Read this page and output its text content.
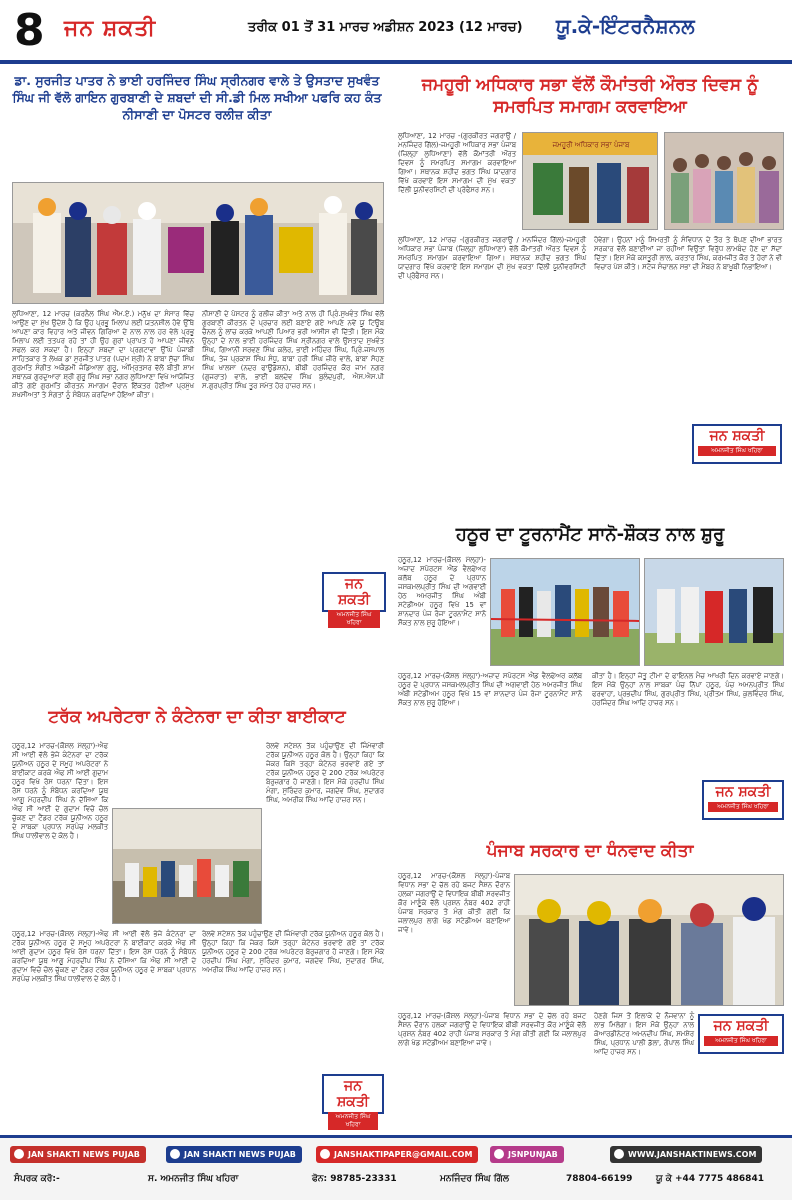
8 ਜਨ ਸ਼ਕਤੀ	ਤਰੀਕ 01 ਤੋਂ 31 ਮਾਰਚ ਅਡੀਸ਼ਨ 2023 (12 ਮਾਰਚ) ਯੂ.ਕੇ-ਇੰਟਰਨੈਸ਼ਨਲ
ਡਾ. ਸੁਰਜੀਤ ਪਾਤਰ ਨੇ ਭਾਈ ਹਰਜਿੰਦਰ ਸਿੰਘ ਸ੍ਰੀਨਗਰ ਵਾਲੇ ਤੇ ਉਸਤਾਦ ਸੁਖਵੰਤ ਸਿੰਘ ਜੀ ਵੱਲੋ ਗਾਇਨ ਗੁਰਬਾਣੀ ਦੇ ਸ਼ਬਦਾਂ ਦੀ ਸੀ.ਡੀ ਮਿਲ ਸਖੀਆ ਪਫਰਿ ਕਹ ਕੰਤ ਨੀਸਾਣੀ ਦਾ ਪੋਸਟਰ ਰਲੀਜ਼ ਕੀਤਾ

ਲੁਧਿਆਣਾ, 12 ਮਾਰਚ (ਕਰਨੈਲ ਸਿੰਘ ਐੱਮ.ਏ.) ਮਨੁੱਖ ਦਾ ਸੰਸਾਰ ਵਿੱਚ ਆਉਣ ਦਾ ਮੁੱਖ ਉਦੇਸ਼ ਹੈ ਕਿ ਉਹ ਪ੍ਰਭੂ ਮਿਲਾਪ ਲਈ ਯਤਨਸ਼ੀਲ ਹੋਵੇ ਉੱਥੇ ਆਪਣਾ ਕਾਰ ਵਿਹਾਰ ਅਤੇ ਜੀਵਨ ਗਿਰਿਆ ਦੇ ਨਾਲ ਨਾਲ ਹਰ ਵੇਲੇ ਪ੍ਰਭੂ ਮਿਲਾਪ ਲਈ ਤਤਪਰ ਰਹੇ ਤਾਂ ਹੀ ਉਹ ਗੁਰਾਂ ਪ੍ਰਾਪਤ ਹੋ ਆਪਣਾ ਜੀਵਨ ਸਫਲ ਕਰ ਸਕਦਾ ਹੈ। ਇਨ੍ਹਾਂ ਸ਼ਬਦਾਂ ਦਾ ਪ੍ਰਗਟਾਵਾ ਉੱਘੇ ਪੰਜਾਬੀ ਸਾਹਿਤਕਾਰ ਤੇ ਲੇਖਕ ਡਾ ਸੁਰਜੀਤ ਪਾਤਰ (ਪਦਮ ਸ਼੍ਰੀ) ਨੇ ਬਾਬਾ ਸੁੱਚਾ ਸਿੰਘ ਗੁਰਮਤਿ ਸੰਗੀਤ ਅਕੈਡਮੀ ਜੰਡਿਆਲਾ ਗੁਰੂ, ਅੰਮ੍ਰਿਤਸਰ ਵੱਲੋਂ ਬੀਤੀ ਸ਼ਾਮ ਸਥਾਨਕ ਗੁਰਦੁਆਰਾ ਸ਼੍ਰੀ ਗੁਰੂ ਸਿੰਘ ਸਭਾ ਨਗਰ ਲੁਧਿਆਣਾ ਵਿਖੇ ਆਯੋਜਿਤ ਕੀਤੇ ਗਏ ਗੁਰਮਤਿ ਕੀਰਤਨ ਸਮਾਗਮ ਦੌਰਾਨ ਇੱਕਤਰ ਹੋਈਆਂ ਪ੍ਰਮੁੱਖ ਸ਼ਖਸੀਅਤਾਂ ਤੇ ਸੰਗਤਾਂ ਨੂੰ ਸੰਬੋਧਨ ਕਰਦਿਆਂ ਹੋਇਆਂ ਕੀਤਾ।

ਨੀਸਾਣੀ ਦੇ ਪੋਸਟਰ ਨੂੰ ਰਲੀਜ਼ ਕੀਤਾ ਅਤੇ ਨਾਲ ਹੀ ਪ੍ਰਿੰ.ਸੁਖਵੰਤ ਸਿੰਘ ਵੱਲੋਂ ਗੁਰਬਾਣੀ ਕੀਰਤਨ ਦੇ ਪ੍ਰਚਾਰ ਲਈ ਬਣਾਏ ਗਏ ਆਪਣੇ ਨਵੇਂ ਯੂ ਟਿਊਬ ਚੈਨਲ ਨੂੰ ਲਾਂਚ ਕਰਕੇ ਆਪਣੀ ਪਿਆਰ ਭਰੀ ਆਸੀਸ ਵੀ ਦਿੱਤੀ। ਇਸ ਮੌਕੇ ਉਨ੍ਹਾਂ ਦੇ ਨਾਲ ਭਾਈ ਹਰਜਿੰਦਰ ਸਿੰਘ ਸ੍ਰੀਨਗਰ ਵਾਲੇ ਉਸਤਾਦ ਸੁਖਵੰਤ ਸਿੰਘ, ਗਿਆਨੀ ਸਰਵਣ ਸਿੰਘ ਕਲੇਰ, ਭਾਈ ਮਹਿੰਦਰ ਸਿੰਘ, ਪ੍ਰਿੰ.ਜਸਪਾਲ ਸਿੰਘ, ਤੇਜ ਪ੍ਰਕਾਸ਼ ਸਿੰਘ ਸੰਧੂ, ਬਾਬਾ ਹਰੀ ਸਿੰਘ ਜ਼ੀਰੇ ਵਾਲੇ, ਬਾਬਾ ਸੋਹਣ ਸਿੰਘ ਖਾਲਸਾ (ਨਦਰ ਫਾਊਂਡੇਸ਼ਨ), ਬੀਬੀ ਹਰਜਿੰਦਰ ਕੌਰ ਜਾਮ ਨਗਰ (ਗੁਜਰਾਤ) ਵਾਲੇ, ਭਾਈ ਬਲਦੇਵ ਸਿੰਘ ਬੁਲੰਦਪੁਰੀ, ਐਸ.ਐਸ.ਪੀ ਸ.ਗੁਰਪ੍ਰੀਤ ਸਿੰਘ ਤੂਰ ਸਮੇਤ ਹੋਰ ਹਾਜ਼ਰ ਸਨ।

ਜਨ ਸ਼ਕਤੀ
ਅਮਨਜੀਤ ਸਿੰਘ ਖਹਿਰਾ
ਜਮਹੂਰੀ ਅਧਿਕਾਰ ਸਭਾ ਵੱਲੋਂ ਕੌਮਾਂਤਰੀ ਔਰਤ ਦਿਵਸ ਨੂੰ ਸਮਰਪਿਤ ਸਮਾਗਮ ਕਰਵਾਇਆ

ਲੁਧਿਆਣਾ, 12 ਮਾਰਚ -(ਗੁਰਕੀਰਤ ਜਗਰਾਉਂ / ਮਨਜਿੰਦਰ ਗਿੱਲ)-ਜਮਹੂਰੀ ਅਧਿਕਾਰ ਸਭਾ ਪੰਜਾਬ (ਜ਼ਿਲ੍ਹਾ ਲੁਧਿਆਣਾ) ਵੱਲੋਂ ਕੌਮਾਂਤਰੀ ਔਰਤ ਦਿਵਸ ਨੂੰ ਸਮਰਪਿਤ ਸਮਾਗਮ ਕਰਵਾਇਆ ਗਿਆ। ਸਥਾਨਕ ਸ਼ਹੀਦ ਭਗਤ ਸਿੰਘ ਯਾਦਗਾਰ ਵਿੱਖੇ ਕਰਵਾਏ ਇਸ ਸਮਾਗਮ ਦੀ ਮੁੱਖ ਵਕਤਾ ਦਿੱਲੀ ਯੂਨੀਵਰਸਿਟੀ ਦੀ ਪ੍ਰੋਫੈਸਰ ਸਨ।

ਜਮਹੂਰੀ ਅਧਿਕਾਰ ਸਭਾ ਪੰਜਾਬ

ਲੁਧਿਆਣਾ, 12 ਮਾਰਚ -(ਗੁਰਕੀਰਤ ਜਗਰਾਉਂ / ਮਨਜਿੰਦਰ ਗਿੱਲ)-ਜਮਹੂਰੀ ਅਧਿਕਾਰ ਸਭਾ ਪੰਜਾਬ (ਜ਼ਿਲ੍ਹਾ ਲੁਧਿਆਣਾ) ਵੱਲੋਂ ਕੌਮਾਂਤਰੀ ਔਰਤ ਦਿਵਸ ਨੂੰ ਸਮਰਪਿਤ ਸਮਾਗਮ ਕਰਵਾਇਆ ਗਿਆ। ਸਥਾਨਕ ਸ਼ਹੀਦ ਭਗਤ ਸਿੰਘ ਯਾਦਗਾਰ ਵਿੱਖੇ ਕਰਵਾਏ ਇਸ ਸਮਾਗਮ ਦੀ ਮੁੱਖ ਵਕਤਾ ਦਿੱਲੀ ਯੂਨੀਵਰਸਿਟੀ ਦੀ ਪ੍ਰੋਫੈਸਰ ਸਨ।

ਹੋਵੇਗਾ। ਉਹਨਾਂ ਮਨੂੰ ਸਿਮਰਤੀ ਨੂੰ ਸੰਵਿਧਾਨ ਦੇ ਤੌਰ ਤੇ ਥੋਪਣ ਦੀਆਂ ਭਾਰਤ ਸਰਕਾਰ ਵੱਲੋਂ ਬਣਾਈਆਂ ਜਾ ਰਹੀਆਂ ਵਿਉਂਤਾਂ ਵਿਰੁੱਧ ਲਾਮਬੰਦ ਹੋਣ ਦਾ ਸੱਦਾ ਦਿੱਤਾ। ਇਸ ਮੌਕੇ ਕਸਤੂਰੀ ਲਾਲ, ਕਰਤਾਰ ਸਿੰਘ, ਕਰਮਜੀਤ ਕੌਰ ਤੇ ਹੋਰਾਂ ਨੇ ਵੀ ਵਿਚਾਰ ਪੇਸ਼ ਕੀਤੇ। ਸਟੇਜ ਸੰਚਾਲਨ ਸਭਾ ਦੀ ਮੈਂਬਰ ਨੇ ਬਾਖੂਬੀ ਨਿਭਾਇਆ।

ਜਨ ਸ਼ਕਤੀ
ਅਮਨਜੀਤ ਸਿੰਘ ਖਹਿਰਾ
ਹਠੂਰ ਦਾ ਟੂਰਨਾਮੈਂਟ ਸਾਨੋ-ਸ਼ੌਕਤ ਨਾਲ ਸ਼ੁਰੂ

ਹਠੂਰ,12 ਮਾਰਚ-(ਕੌਸ਼ਲ ਮੱਲ੍ਹਾ)-ਅਜ਼ਾਦ ਸਪੋਰਟਸ ਐਂਡ ਵੈਲਫੇਅਰ ਕਲੱਬ ਹਠੂਰ ਦੇ ਪ੍ਰਧਾਨ ਜਸਕਮਲਪ੍ਰੀਤ ਸਿੰਘ ਦੀ ਅਗਵਾਈ ਹੇਠ ਅਮਰਜੀਤ ਸਿੰਘ ਅੰਬੀ ਸਟੇਡੀਅਮ ਹਠੂਰ ਵਿਖੇ 15 ਵਾਂ ਸ਼ਾਨਦਾਰ ਪੰਜ ਰੋਜਾ ਟੂਰਨਾਮੈਂਟ ਸਾਨੋ ਸੌਕਤ ਨਾਲ ਸ਼ੁਰੂ ਹੋਇਆ।

ਹਠੂਰ,12 ਮਾਰਚ-(ਕੌਸ਼ਲ ਮੱਲ੍ਹਾ)-ਅਜ਼ਾਦ ਸਪੋਰਟਸ ਐਂਡ ਵੈਲਫੇਅਰ ਕਲੱਬ ਹਠੂਰ ਦੇ ਪ੍ਰਧਾਨ ਜਸਕਮਲਪ੍ਰੀਤ ਸਿੰਘ ਦੀ ਅਗਵਾਈ ਹੇਠ ਅਮਰਜੀਤ ਸਿੰਘ ਅੰਬੀ ਸਟੇਡੀਅਮ ਹਠੂਰ ਵਿਖੇ 15 ਵਾਂ ਸ਼ਾਨਦਾਰ ਪੰਜ ਰੋਜਾ ਟੂਰਨਾਮੈਂਟ ਸਾਨੋ ਸੌਕਤ ਨਾਲ ਸ਼ੁਰੂ ਹੋਇਆ।

ਕੀਤਾ ਹੈ। ਇਨ੍ਹਾਂ ਜੇਤੂ ਟੀਮਾ ਦੇ ਫਾਇਨਲ ਮੈਚ ਆਖਰੀ ਦਿਨ ਕਰਵਾਏ ਜਾਣਗੇ। ਇਸ ਮੌਕੇ ਉਨ੍ਹਾਂ ਨਾਲ ਸਾਬਕਾ ਪੰਚ ਨਿੱਪਾ ਹਠੂਰ, ਪੰਚ ਅਮਨਪ੍ਰੀਤ ਸਿੰਘ ਫਰਵਾਹਾ, ਪ੍ਰਭਦੀਪ ਸਿੰਘ, ਗੁਰਪ੍ਰੀਤ ਸਿੰਘ, ਪ੍ਰੀਤਮ ਸਿੰਘ, ਕੁਲਵਿੰਦਰ ਸਿੰਘ, ਹਰਜਿੰਦਰ ਸਿੰਘ ਆਦਿ ਹਾਜ਼ਰ ਸਨ।

ਜਨ ਸ਼ਕਤੀ
ਅਮਨਜੀਤ ਸਿੰਘ ਖਹਿਰਾ
ਟਰੱਕ ਅਪਰੇਟਰਾ ਨੇ ਕੰਟੇਨਰਾ ਦਾ ਕੀਤਾ ਬਾਈਕਾਟ

ਹਠੂਰ,12 ਮਾਰਚ-(ਕੌਸ਼ਲ ਮੱਲ੍ਹਾ)-ਐਫ ਸੀ ਆਈ ਵੱਲੋ ਭੇਜੇ ਕੰਟੇਨਰਾ ਦਾ ਟਰੱਕ ਯੂਨੀਅਨ ਹਠੂਰ ਦੇ ਸਮੂਹ ਅਪਰੇਟਰਾ ਨੇ ਬਾਈਕਾਟ ਕਰਕੇ ਐਫ ਸੀ ਆਈ ਗੁਦਾਮ ਹਠੂਰ ਵਿਖੇ ਰੋਸ ਧਰਨਾ ਦਿੱਤਾ। ਇਸ ਰੋਸ ਧਰਨੇ ਨੂੰ ਸੰਬੋਧਨ ਕਰਦਿਆ ਯੂਥ ਆਗੂ ਮੇਹਰਦੀਪ ਸਿੰਘ ਨੇ ਦੱਸਿਆ ਕਿ ਐਫ ਸੀ ਆਈ ਦੇ ਗੁਦਾਮ ਵਿਚੋ ਚੋਲ ਚੁੱਕਣ ਦਾ ਟੈਂਡਰ ਟਰੱਕ ਯੂਨੀਅਨ ਹਠੂਰ ਦੇ ਸਾਬਕਾ ਪ੍ਰਧਾਨ ਸਰਪੰਚ ਮਲਕੀਤ ਸਿੰਘ ਧਾਲੀਵਾਲ ਦੇ ਕੋਲ ਹੈ।

ਰੇਲਵੇ ਸਟੇਸ਼ਨ ਤੱਕ ਪਹੁੰਚਾਉਣ ਦੀ ਜਿੰਮੇਵਾਰੀ ਟਰੱਕ ਯੂਨੀਅਨ ਹਠੂਰ ਕੋਲ ਹੈ। ਉਨ੍ਹਾਂ ਕਿਹਾ ਕਿ ਜੇਕਰ ਕਿਸੇ ਤਰ੍ਹਾ ਕੰਟੇਨਰ ਭਰਵਾਏ ਗਏ ਤਾਂ ਟਰੱਕ ਯੂਨੀਅਨ ਹਠੂਰ ਦੇ 200 ਟਰੱਕ ਅਪਰੇਟਰ ਬੇਰੁਜ਼ਗਾਰ ਹੋ ਜਾਣਗੇ। ਇਸ ਮੌਕੇ ਹਰਦੀਪ ਸਿੰਘ ਮੰਗਾ, ਸੁਰਿੰਦਰ ਕੁਮਾਰ, ਜਗਦੇਵ ਸਿੰਘ, ਸੁਦਾਗਰ ਸਿੰਘ, ਅਮਰੀਕ ਸਿੰਘ ਆਦਿ ਹਾਜ਼ਰ ਸਨ।

ਹਠੂਰ,12 ਮਾਰਚ-(ਕੌਸ਼ਲ ਮੱਲ੍ਹਾ)-ਐਫ ਸੀ ਆਈ ਵੱਲੋ ਭੇਜੇ ਕੰਟੇਨਰਾ ਦਾ ਟਰੱਕ ਯੂਨੀਅਨ ਹਠੂਰ ਦੇ ਸਮੂਹ ਅਪਰੇਟਰਾ ਨੇ ਬਾਈਕਾਟ ਕਰਕੇ ਐਫ ਸੀ ਆਈ ਗੁਦਾਮ ਹਠੂਰ ਵਿਖੇ ਰੋਸ ਧਰਨਾ ਦਿੱਤਾ। ਇਸ ਰੋਸ ਧਰਨੇ ਨੂੰ ਸੰਬੋਧਨ ਕਰਦਿਆ ਯੂਥ ਆਗੂ ਮੇਹਰਦੀਪ ਸਿੰਘ ਨੇ ਦੱਸਿਆ ਕਿ ਐਫ ਸੀ ਆਈ ਦੇ ਗੁਦਾਮ ਵਿਚੋ ਚੋਲ ਚੁੱਕਣ ਦਾ ਟੈਂਡਰ ਟਰੱਕ ਯੂਨੀਅਨ ਹਠੂਰ ਦੇ ਸਾਬਕਾ ਪ੍ਰਧਾਨ ਸਰਪੰਚ ਮਲਕੀਤ ਸਿੰਘ ਧਾਲੀਵਾਲ ਦੇ ਕੋਲ ਹੈ।

ਰੇਲਵੇ ਸਟੇਸ਼ਨ ਤੱਕ ਪਹੁੰਚਾਉਣ ਦੀ ਜਿੰਮੇਵਾਰੀ ਟਰੱਕ ਯੂਨੀਅਨ ਹਠੂਰ ਕੋਲ ਹੈ। ਉਨ੍ਹਾਂ ਕਿਹਾ ਕਿ ਜੇਕਰ ਕਿਸੇ ਤਰ੍ਹਾ ਕੰਟੇਨਰ ਭਰਵਾਏ ਗਏ ਤਾਂ ਟਰੱਕ ਯੂਨੀਅਨ ਹਠੂਰ ਦੇ 200 ਟਰੱਕ ਅਪਰੇਟਰ ਬੇਰੁਜ਼ਗਾਰ ਹੋ ਜਾਣਗੇ। ਇਸ ਮੌਕੇ ਹਰਦੀਪ ਸਿੰਘ ਮੰਗਾ, ਸੁਰਿੰਦਰ ਕੁਮਾਰ, ਜਗਦੇਵ ਸਿੰਘ, ਸੁਦਾਗਰ ਸਿੰਘ, ਅਮਰੀਕ ਸਿੰਘ ਆਦਿ ਹਾਜ਼ਰ ਸਨ।

ਜਨ ਸ਼ਕਤੀ
ਅਮਨਜੀਤ ਸਿੰਘ ਖਹਿਰਾ
ਪੰਜਾਬ ਸਰਕਾਰ ਦਾ ਧੰਨਵਾਦ ਕੀਤਾ

ਹਠੂਰ,12 ਮਾਰਚ-(ਕੌਸ਼ਲ ਮੱਲ੍ਹਾ)-ਪੰਜਾਬ ਵਿਧਾਨ ਸਭਾ ਦੇ ਚੱਲ ਰਹੇ ਬਜਟ ਸੈਸ਼ਨ ਦੌਰਾਨ ਹਲਕਾ ਜਗਰਾਉਂ ਦੇ ਵਿਧਾਇਕ ਬੀਬੀ ਸਰਵਜੀਤ ਕੌਰ ਮਾਣੂੰਕੇ ਵੱਲੋ ਪ੍ਰਸ਼ਨ ਨੰਬਰ 402 ਰਾਹੀ ਪੰਜਾਬ ਸਰਕਾਰ ਤੋ ਮੰਗ ਕੀਤੀ ਗਈ ਕਿ ਜਲਾਲਪੁਰ ਲਾਗੇ ਖੇਡ ਸਟੇਡੀਅਮ ਬਣਾਇਆ ਜਾਵੇ।

ਹਠੂਰ,12 ਮਾਰਚ-(ਕੌਸ਼ਲ ਮੱਲ੍ਹਾ)-ਪੰਜਾਬ ਵਿਧਾਨ ਸਭਾ ਦੇ ਚੱਲ ਰਹੇ ਬਜਟ ਸੈਸ਼ਨ ਦੌਰਾਨ ਹਲਕਾ ਜਗਰਾਉਂ ਦੇ ਵਿਧਾਇਕ ਬੀਬੀ ਸਰਵਜੀਤ ਕੌਰ ਮਾਣੂੰਕੇ ਵੱਲੋ ਪ੍ਰਸ਼ਨ ਨੰਬਰ 402 ਰਾਹੀ ਪੰਜਾਬ ਸਰਕਾਰ ਤੋ ਮੰਗ ਕੀਤੀ ਗਈ ਕਿ ਜਲਾਲਪੁਰ ਲਾਗੇ ਖੇਡ ਸਟੇਡੀਅਮ ਬਣਾਇਆ ਜਾਵੇ।

ਹੋਣਗੇ ਜਿਸ ਤੋਂ ਇਲਾਕੇ ਦੇ ਨੌਜਵਾਨਾ ਨੂੰ ਲਾਭ ਮਿਲੇਗਾ। ਇਸ ਮੌਕੇ ਉਨ੍ਹਾ ਨਾਲ ਕੋਆਰਡੀਨੇਟਰ ਅਮਨਦੀਪ ਸਿੰਘ, ਸਮਸ਼ੇਰ ਸਿੰਘ, ਪ੍ਰਧਾਨ ਪਾਲੀ ਡੱਲਾ, ਗੋਪਾਲ ਸਿੰਘ ਆਦਿ ਹਾਜ਼ਰ ਸਨ।

ਜਨ ਸ਼ਕਤੀ
ਅਮਨਜੀਤ ਸਿੰਘ ਖਹਿਰਾ
JAN SHAKTI NEWS PUJAB	JAN SHAKTI NEWS PUJAB	JANSHAKTIPAPER@GMAIL.COM	JSNPUNJAB	WWW.JANSHAKTINEWS.COM
ਸੰਪਰਕ ਕਰੋ:-	ਸ. ਅਮਨਜੀਤ ਸਿੰਘ ਖਹਿਰਾ	ਫੋਨ: 98785-23331	ਮਨਜਿੰਦਰ ਸਿੰਘ ਗਿੱਲ	78804-66199	ਯੂ ਕੇ +44 7775 486841
